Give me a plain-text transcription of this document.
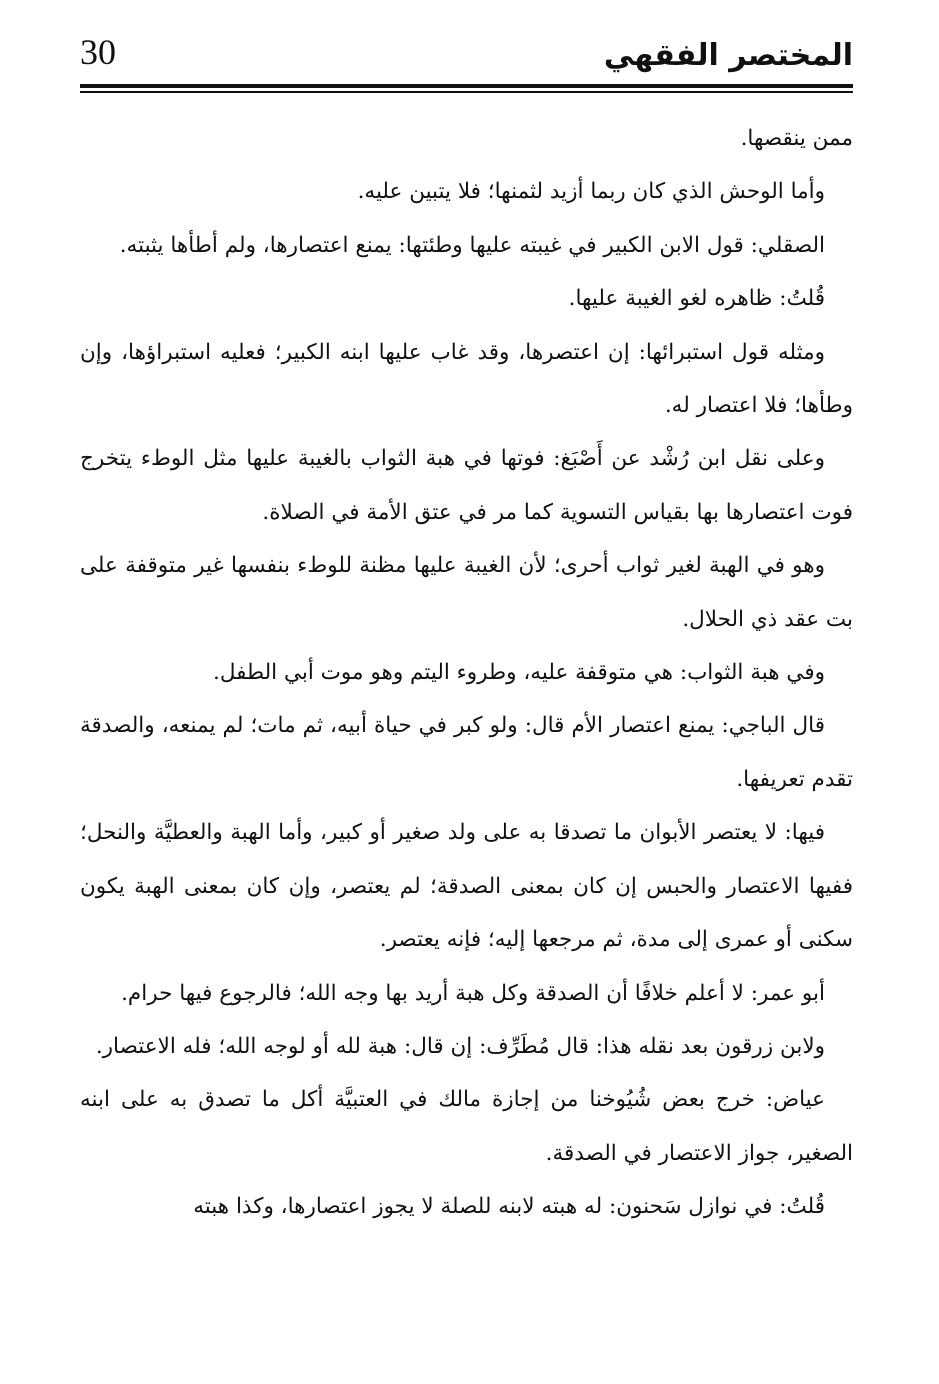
30	المختصر الفقهي

ممن ينقصها.

وأما الوحش الذي كان ربما أزيد لثمنها؛ فلا يتبين عليه.

الصقلي: قول الابن الكبير في غيبته عليها وطئتها: يمنع اعتصارها، ولم أطأها يثبته.

قُلتُ: ظاهره لغو الغيبة عليها.

ومثله قول استبرائها: إن اعتصرها، وقد غاب عليها ابنه الكبير؛ فعليه استبراؤها، وإن وطأها؛ فلا اعتصار له.

وعلى نقل ابن رُشْد عن أَصْبَغ: فوتها في هبة الثواب بالغيبة عليها مثل الوطء يتخرج فوت اعتصارها بها بقياس التسوية كما مر في عتق الأمة في الصلاة.

وهو في الهبة لغير ثواب أحرى؛ لأن الغيبة عليها مظنة للوطء بنفسها غير متوقفة على بت عقد ذي الحلال.

وفي هبة الثواب: هي متوقفة عليه، وطروء اليتم وهو موت أبي الطفل.

قال الباجي: يمنع اعتصار الأم قال: ولو كبر في حياة أبيه، ثم مات؛ لم يمنعه، والصدقة تقدم تعريفها.

فيها: لا يعتصر الأبوان ما تصدقا به على ولد صغير أو كبير، وأما الهبة والعطيَّة والنحل؛ ففيها الاعتصار والحبس إن كان بمعنى الصدقة؛ لم يعتصر، وإن كان بمعنى الهبة يكون سكنى أو عمرى إلى مدة، ثم مرجعها إليه؛ فإنه يعتصر.

أبو عمر: لا أعلم خلافًا أن الصدقة وكل هبة أريد بها وجه الله؛ فالرجوع فيها حرام.

ولابن زرقون بعد نقله هذا: قال مُطَرِّف: إن قال: هبة لله أو لوجه الله؛ فله الاعتصار.

عياض: خرج بعض شُيُوخنا من إجازة مالك في العتبيَّة أكل ما تصدق به على ابنه الصغير، جواز الاعتصار في الصدقة.

قُلتُ: في نوازل سَحنون: له هبته لابنه للصلة لا يجوز اعتصارها، وكذا هبته
